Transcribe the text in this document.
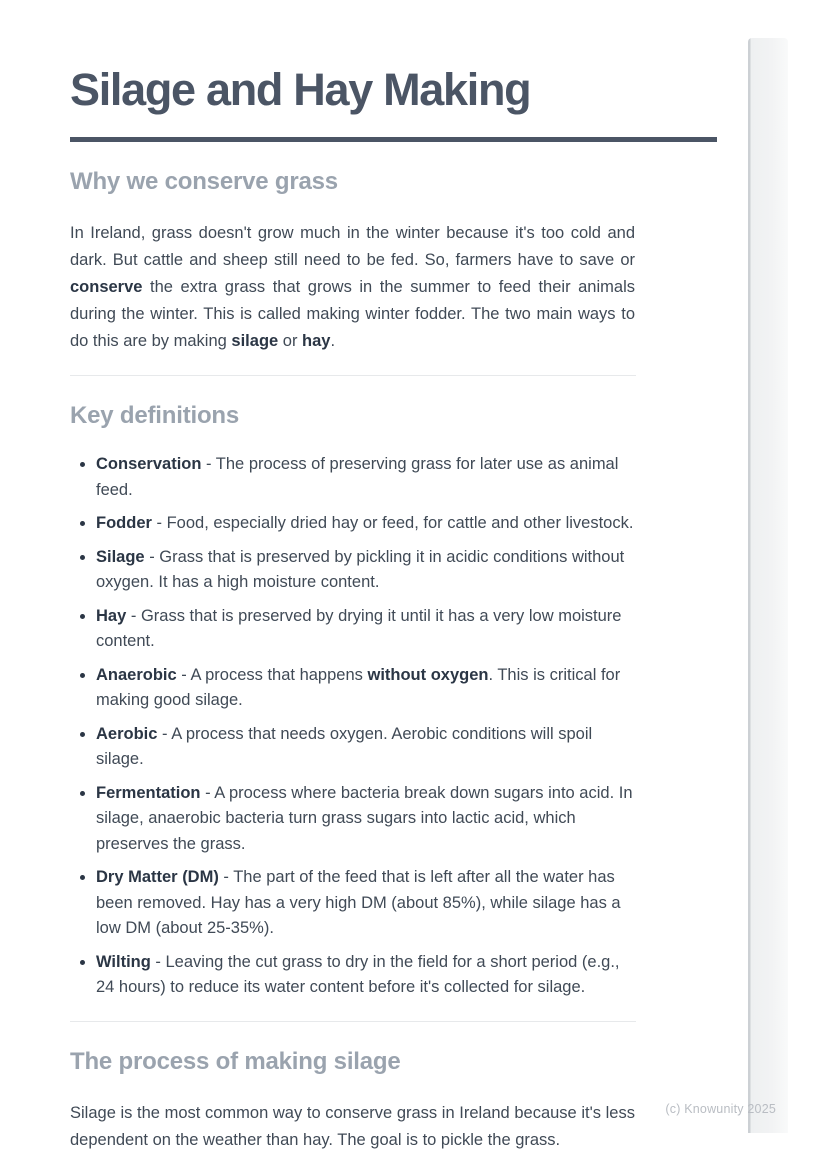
Silage and Hay Making
Why we conserve grass

In Ireland, grass doesn't grow much in the winter because it's too cold and dark. But cattle and sheep still need to be fed. So, farmers have to save or conserve the extra grass that grows in the summer to feed their animals during the winter. This is called making winter fodder. The two main ways to do this are by making silage or hay.

Key definitions
Conservation - The process of preserving grass for later use as animal feed.
Fodder - Food, especially dried hay or feed, for cattle and other livestock.
Silage - Grass that is preserved by pickling it in acidic conditions without oxygen. It has a high moisture content.
Hay - Grass that is preserved by drying it until it has a very low moisture content.
Anaerobic - A process that happens without oxygen. This is critical for making good silage.
Aerobic - A process that needs oxygen. Aerobic conditions will spoil silage.
Fermentation - A process where bacteria break down sugars into acid. In silage, anaerobic bacteria turn grass sugars into lactic acid, which preserves the grass.
Dry Matter (DM) - The part of the feed that is left after all the water has been removed. Hay has a very high DM (about 85%), while silage has a low DM (about 25-35%).
Wilting - Leaving the cut grass to dry in the field for a short period (e.g., 24 hours) to reduce its water content before it's collected for silage.
The process of making silage

Silage is the most common way to conserve grass in Ireland because it's less dependent on the weather than hay. The goal is to pickle the grass.

(c) Knowunity 2025
